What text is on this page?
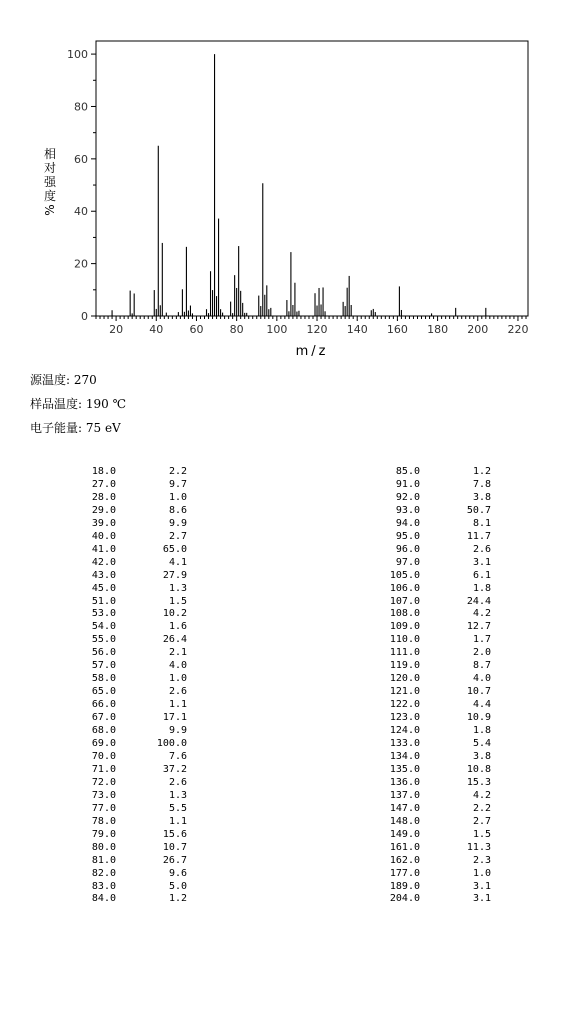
相
对
强
度
%
m/z
20 40 60 80 100 120 140 160 180 200 220
0
20
40
60
80
100
源温度: 270
样品温度: 190 ℃
电子能量: 75 eV
18.0	2.2
27.0	9.7
28.0	1.0
29.0	8.6
39.0	9.9
40.0	2.7
41.0	65.0
42.0	4.1
43.0	27.9
45.0	1.3
51.0	1.5
53.0	10.2
54.0	1.6
55.0	26.4
56.0	2.1
57.0	4.0
58.0	1.0
65.0	2.6
66.0	1.1
67.0	17.1
68.0	9.9
69.0	100.0
70.0	7.6
71.0	37.2
72.0	2.6
73.0	1.3
77.0	5.5
78.0	1.1
79.0	15.6
80.0	10.7
81.0	26.7
82.0	9.6
83.0	5.0
84.0	1.2
85.0	1.2
91.0	7.8
92.0	3.8
93.0	50.7
94.0	8.1
95.0	11.7
96.0	2.6
97.0	3.1
105.0	6.1
106.0	1.8
107.0	24.4
108.0	4.2
109.0	12.7
110.0	1.7
111.0	2.0
119.0	8.7
120.0	4.0
121.0	10.7
122.0	4.4
123.0	10.9
124.0	1.8
133.0	5.4
134.0	3.8
135.0	10.8
136.0	15.3
137.0	4.2
147.0	2.2
148.0	2.7
149.0	1.5
161.0	11.3
162.0	2.3
177.0	1.0
189.0	3.1
204.0	3.1
